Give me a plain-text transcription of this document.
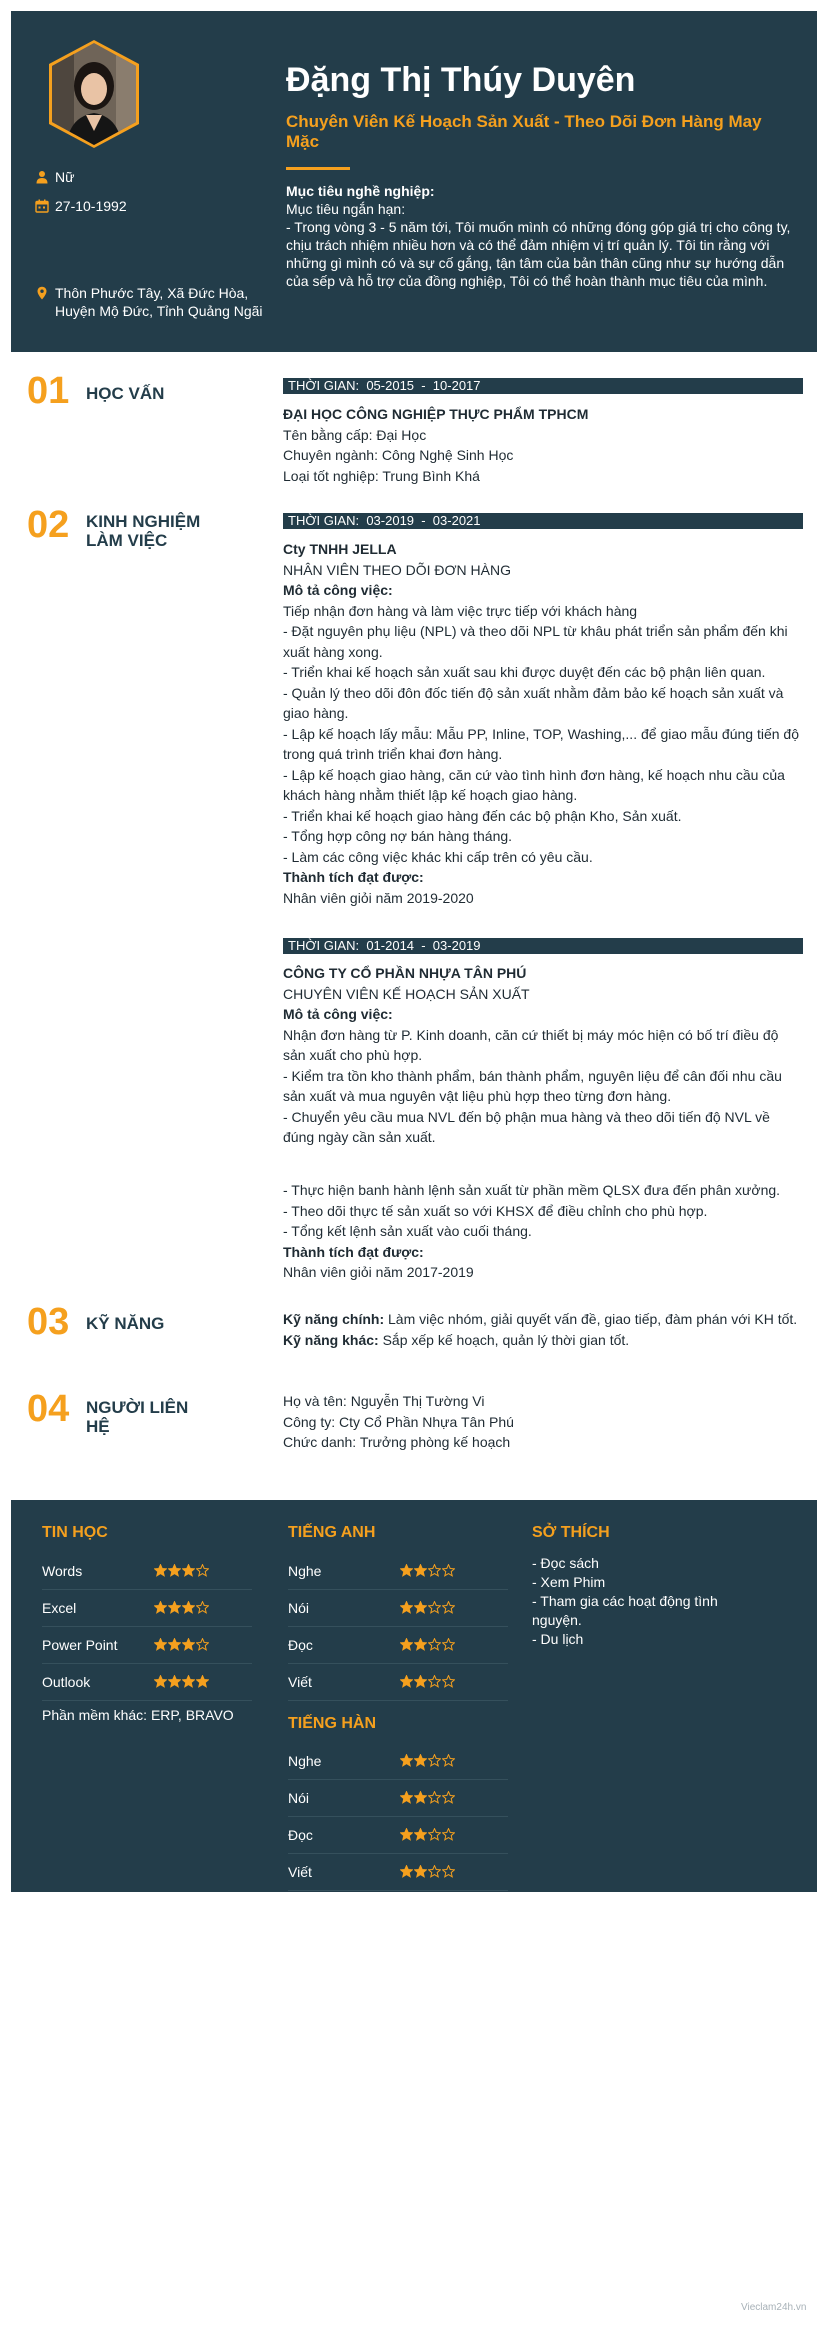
Nữ
27-10-1992
Thôn Phước Tây, Xã Đức Hòa, Huyện Mộ Đức, Tỉnh Quảng Ngãi
Đặng Thị Thúy Duyên
Chuyên Viên Kế Hoạch Sản Xuất - Theo Dõi Đơn Hàng May Mặc
Mục tiêu nghề nghiệp:
Mục tiêu ngắn hạn:
- Trong vòng 3 - 5 năm tới, Tôi muốn mình có những đóng góp giá trị cho công ty, chịu trách nhiệm nhiều hơn và có thể đảm nhiệm vị trí quản lý. Tôi tin rằng với những gì mình có và sự cố gắng, tận tâm của bản thân cũng như sự hướng dẫn của sếp và hỗ trợ của đồng nghiệp, Tôi có thể hoàn thành mục tiêu của mình.
01 HỌC VẤN	THỜI GIAN:  05-2015  -  10-2017
ĐẠI HỌC CÔNG NGHIỆP THỰC PHẨM TPHCM
Tên bằng cấp: Đại Học
Chuyên ngành: Công Nghệ Sinh Học
Loại tốt nghiệp: Trung Bình Khá
02 KINH NGHIỆM LÀM VIỆC
THỜI GIAN:  03-2019  -  03-2021
Cty TNHH JELLA
NHÂN VIÊN THEO DÕI ĐƠN HÀNG
Mô tả công việc:
Tiếp nhận đơn hàng và làm việc trực tiếp với khách hàng
- Đặt nguyên phụ liệu (NPL) và theo dõi NPL từ khâu phát triển sản phẩm đến khi xuất hàng xong.
- Triển khai kế hoạch sản xuất sau khi được duyệt đến các bộ phận liên quan.
- Quản lý theo dõi đôn đốc tiến độ sản xuất nhằm đảm bảo kế hoạch sản xuất và giao hàng.
- Lập kế hoạch lấy mẫu: Mẫu PP, Inline, TOP, Washing,... để giao mẫu đúng tiến độ trong quá trình triển khai đơn hàng.
- Lập kế hoạch giao hàng, căn cứ vào tình hình đơn hàng, kế hoạch nhu cầu của khách hàng nhằm thiết lập kế hoạch giao hàng.
- Triển khai kế hoạch giao hàng đến các bộ phận Kho, Sản xuất.
- Tổng hợp công nợ bán hàng tháng.
- Làm các công việc khác khi cấp trên có yêu cầu.
Thành tích đạt được:
Nhân viên giỏi năm 2019-2020
THỜI GIAN:  01-2014  -  03-2019
CÔNG TY CỔ PHẦN NHỰA TÂN PHÚ
CHUYÊN VIÊN KẾ HOẠCH SẢN XUẤT
Mô tả công việc:
Nhận đơn hàng từ P. Kinh doanh, căn cứ thiết bị máy móc hiện có bố trí điều độ sản xuất cho phù hợp.
- Kiểm tra tồn kho thành phẩm, bán thành phẩm, nguyên liệu để cân đối nhu cầu sản xuất và mua nguyên vật liệu phù hợp theo từng đơn hàng.
- Chuyển yêu cầu mua NVL đến bộ phận mua hàng và theo dõi tiến độ NVL về đúng ngày cần sản xuất.
- Thực hiện banh hành lệnh sản xuất từ phần mềm QLSX đưa đến phân xưởng.
- Theo dõi thực tế sản xuất so với KHSX để điều chỉnh cho phù hợp.
- Tổng kết lệnh sản xuất vào cuối tháng.
Thành tích đạt được:
Nhân viên giỏi năm 2017-2019
03 KỸ NĂNG	Kỹ năng chính: Làm việc nhóm, giải quyết vấn đề, giao tiếp, đàm phán với KH tốt.
Kỹ năng khác: Sắp xếp kế hoạch, quản lý thời gian tốt.
04 NGƯỜI LIÊN HỆ
Họ và tên: Nguyễn Thị Tường Vi
Công ty: Cty Cổ Phần Nhựa Tân Phú
Chức danh: Trưởng phòng kế hoạch
TIN HỌC
Words
Excel
Power Point
Outlook
Phần mềm khác: ERP, BRAVO
TIẾNG ANH
Nghe
Nói
Đọc
Viết
TIẾNG HÀN
Nghe
Nói
Đọc
Viết
SỞ THÍCH
- Đọc sách
- Xem Phim
- Tham gia các hoạt động tình nguyện.
- Du lịch
Vieclam24h.vn
